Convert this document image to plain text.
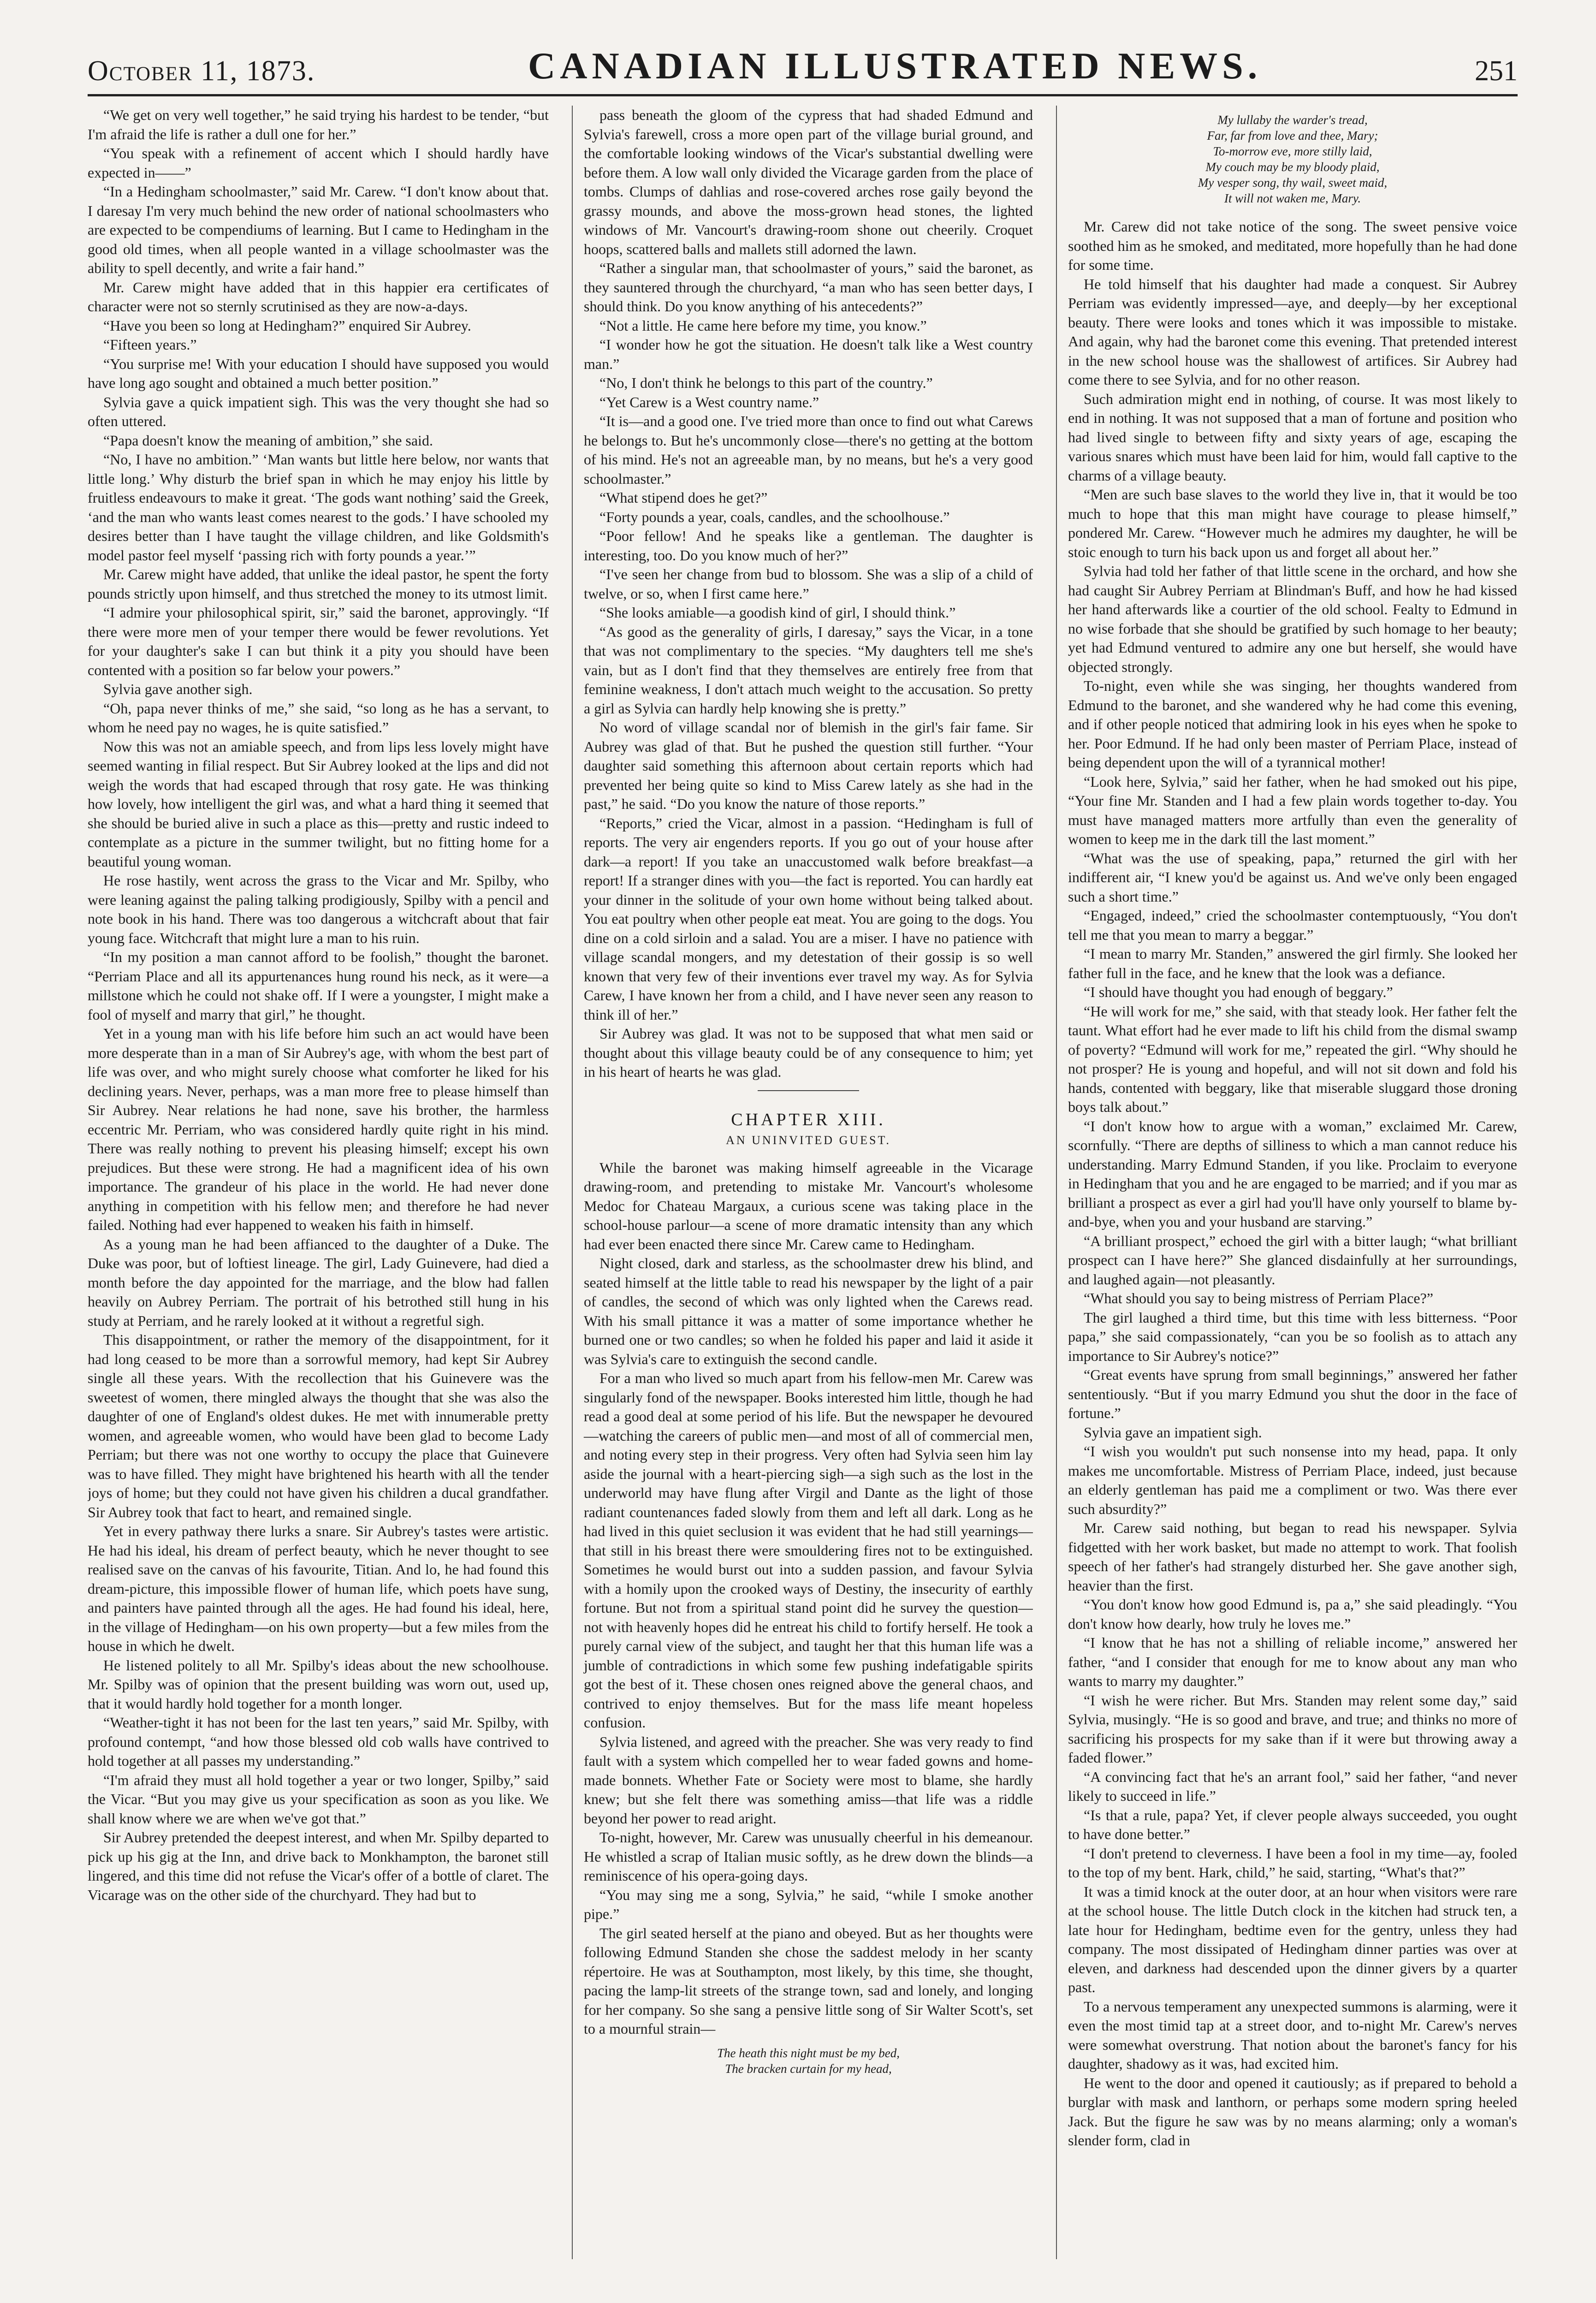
October 11, 1873.	CANADIAN ILLUSTRATED NEWS.	251

“We get on very well together,” he said trying his hardest to be tender, “but I'm afraid the life is rather a dull one for her.”

“You speak with a refinement of accent which I should hardly have expected in——”

“In a Hedingham schoolmaster,” said Mr. Carew. “I don't know about that. I daresay I'm very much behind the new order of national schoolmasters who are expected to be compendiums of learning. But I came to Hedingham in the good old times, when all people wanted in a village schoolmaster was the ability to spell decently, and write a fair hand.”

Mr. Carew might have added that in this happier era certificates of character were not so sternly scrutinised as they are now-a-days.

“Have you been so long at Hedingham?” enquired Sir Aubrey.

“Fifteen years.”

“You surprise me! With your education I should have supposed you would have long ago sought and obtained a much better position.”

Sylvia gave a quick impatient sigh. This was the very thought she had so often uttered.

“Papa doesn't know the meaning of ambition,” she said.

“No, I have no ambition.” ‘Man wants but little here below, nor wants that little long.’ Why disturb the brief span in which he may enjoy his little by fruitless endeavours to make it great. ‘The gods want nothing’ said the Greek, ‘and the man who wants least comes nearest to the gods.’ I have schooled my desires better than I have taught the village children, and like Goldsmith's model pastor feel myself ‘passing rich with forty pounds a year.’”

Mr. Carew might have added, that unlike the ideal pastor, he spent the forty pounds strictly upon himself, and thus stretched the money to its utmost limit.

“I admire your philosophical spirit, sir,” said the baronet, approvingly. “If there were more men of your temper there would be fewer revolutions. Yet for your daughter's sake I can but think it a pity you should have been contented with a position so far below your powers.”

Sylvia gave another sigh.

“Oh, papa never thinks of me,” she said, “so long as he has a servant, to whom he need pay no wages, he is quite satisfied.”

Now this was not an amiable speech, and from lips less lovely might have seemed wanting in filial respect. But Sir Aubrey looked at the lips and did not weigh the words that had escaped through that rosy gate. He was thinking how lovely, how intelligent the girl was, and what a hard thing it seemed that she should be buried alive in such a place as this—pretty and rustic indeed to contemplate as a picture in the summer twilight, but no fitting home for a beautiful young woman.

He rose hastily, went across the grass to the Vicar and Mr. Spilby, who were leaning against the paling talking prodigiously, Spilby with a pencil and note book in his hand. There was too dangerous a witchcraft about that fair young face. Witchcraft that might lure a man to his ruin.

“In my position a man cannot afford to be foolish,” thought the baronet. “Perriam Place and all its appurtenances hung round his neck, as it were—a millstone which he could not shake off. If I were a youngster, I might make a fool of myself and marry that girl,” he thought.

Yet in a young man with his life before him such an act would have been more desperate than in a man of Sir Aubrey's age, with whom the best part of life was over, and who might surely choose what comforter he liked for his declining years. Never, perhaps, was a man more free to please himself than Sir Aubrey. Near relations he had none, save his brother, the harmless eccentric Mr. Perriam, who was considered hardly quite right in his mind. There was really nothing to prevent his pleasing himself; except his own prejudices. But these were strong. He had a magnificent idea of his own importance. The grandeur of his place in the world. He had never done anything in competition with his fellow men; and therefore he had never failed. Nothing had ever happened to weaken his faith in himself.

As a young man he had been affianced to the daughter of a Duke. The Duke was poor, but of loftiest lineage. The girl, Lady Guinevere, had died a month before the day appointed for the marriage, and the blow had fallen heavily on Aubrey Perriam. The portrait of his betrothed still hung in his study at Perriam, and he rarely looked at it without a regretful sigh.

This disappointment, or rather the memory of the disappointment, for it had long ceased to be more than a sorrowful memory, had kept Sir Aubrey single all these years. With the recollection that his Guinevere was the sweetest of women, there mingled always the thought that she was also the daughter of one of England's oldest dukes. He met with innumerable pretty women, and agreeable women, who would have been glad to become Lady Perriam; but there was not one worthy to occupy the place that Guinevere was to have filled. They might have brightened his hearth with all the tender joys of home; but they could not have given his children a ducal grandfather. Sir Aubrey took that fact to heart, and remained single.

Yet in every pathway there lurks a snare. Sir Aubrey's tastes were artistic. He had his ideal, his dream of perfect beauty, which he never thought to see realised save on the canvas of his favourite, Titian. And lo, he had found this dream-picture, this impossible flower of human life, which poets have sung, and painters have painted through all the ages. He had found his ideal, here, in the village of Hedingham—on his own property—but a few miles from the house in which he dwelt.

He listened politely to all Mr. Spilby's ideas about the new schoolhouse. Mr. Spilby was of opinion that the present building was worn out, used up, that it would hardly hold together for a month longer.

“Weather-tight it has not been for the last ten years,” said Mr. Spilby, with profound contempt, “and how those blessed old cob walls have contrived to hold together at all passes my understanding.”

“I'm afraid they must all hold together a year or two longer, Spilby,” said the Vicar. “But you may give us your specification as soon as you like. We shall know where we are when we've got that.”

Sir Aubrey pretended the deepest interest, and when Mr. Spilby departed to pick up his gig at the Inn, and drive back to Monkhampton, the baronet still lingered, and this time did not refuse the Vicar's offer of a bottle of claret. The Vicarage was on the other side of the churchyard. They had but to

pass beneath the gloom of the cypress that had shaded Edmund and Sylvia's farewell, cross a more open part of the village burial ground, and the comfortable looking windows of the Vicar's substantial dwelling were before them. A low wall only divided the Vicarage garden from the place of tombs. Clumps of dahlias and rose-covered arches rose gaily beyond the grassy mounds, and above the moss-grown head stones, the lighted windows of Mr. Vancourt's drawing-room shone out cheerily. Croquet hoops, scattered balls and mallets still adorned the lawn.

“Rather a singular man, that schoolmaster of yours,” said the baronet, as they sauntered through the churchyard, “a man who has seen better days, I should think. Do you know anything of his antecedents?”

“Not a little. He came here before my time, you know.”

“I wonder how he got the situation. He doesn't talk like a West country man.”

“No, I don't think he belongs to this part of the country.”

“Yet Carew is a West country name.”

“It is—and a good one. I've tried more than once to find out what Carews he belongs to. But he's uncommonly close—there's no getting at the bottom of his mind. He's not an agreeable man, by no means, but he's a very good schoolmaster.”

“What stipend does he get?”

“Forty pounds a year, coals, candles, and the schoolhouse.”

“Poor fellow! And he speaks like a gentleman. The daughter is interesting, too. Do you know much of her?”

“I've seen her change from bud to blossom. She was a slip of a child of twelve, or so, when I first came here.”

“She looks amiable—a goodish kind of girl, I should think.”

“As good as the generality of girls, I daresay,” says the Vicar, in a tone that was not complimentary to the species. “My daughters tell me she's vain, but as I don't find that they themselves are entirely free from that feminine weakness, I don't attach much weight to the accusation. So pretty a girl as Sylvia can hardly help knowing she is pretty.”

No word of village scandal nor of blemish in the girl's fair fame. Sir Aubrey was glad of that. But he pushed the question still further. “Your daughter said something this afternoon about certain reports which had prevented her being quite so kind to Miss Carew lately as she had in the past,” he said. “Do you know the nature of those reports.”

“Reports,” cried the Vicar, almost in a passion. “Hedingham is full of reports. The very air engenders reports. If you go out of your house after dark—a report! If you take an unaccustomed walk before breakfast—a report! If a stranger dines with you—the fact is reported. You can hardly eat your dinner in the solitude of your own home without being talked about. You eat poultry when other people eat meat. You are going to the dogs. You dine on a cold sirloin and a salad. You are a miser. I have no patience with village scandal mongers, and my detestation of their gossip is so well known that very few of their inventions ever travel my way. As for Sylvia Carew, I have known her from a child, and I have never seen any reason to think ill of her.”

Sir Aubrey was glad. It was not to be supposed that what men said or thought about this village beauty could be of any consequence to him; yet in his heart of hearts he was glad.

CHAPTER XIII.
AN UNINVITED GUEST.

While the baronet was making himself agreeable in the Vicarage drawing-room, and pretending to mistake Mr. Vancourt's wholesome Medoc for Chateau Margaux, a curious scene was taking place in the school-house parlour—a scene of more dramatic intensity than any which had ever been enacted there since Mr. Carew came to Hedingham.

Night closed, dark and starless, as the schoolmaster drew his blind, and seated himself at the little table to read his newspaper by the light of a pair of candles, the second of which was only lighted when the Carews read. With his small pittance it was a matter of some importance whether he burned one or two candles; so when he folded his paper and laid it aside it was Sylvia's care to extinguish the second candle.

For a man who lived so much apart from his fellow-men Mr. Carew was singularly fond of the newspaper. Books interested him little, though he had read a good deal at some period of his life. But the newspaper he devoured—watching the careers of public men—and most of all of commercial men, and noting every step in their progress. Very often had Sylvia seen him lay aside the journal with a heart-piercing sigh—a sigh such as the lost in the underworld may have flung after Virgil and Dante as the light of those radiant countenances faded slowly from them and left all dark. Long as he had lived in this quiet seclusion it was evident that he had still yearnings—that still in his breast there were smouldering fires not to be extinguished. Sometimes he would burst out into a sudden passion, and favour Sylvia with a homily upon the crooked ways of Destiny, the insecurity of earthly fortune. But not from a spiritual stand point did he survey the question—not with heavenly hopes did he entreat his child to fortify herself. He took a purely carnal view of the subject, and taught her that this human life was a jumble of contradictions in which some few pushing indefatigable spirits got the best of it. These chosen ones reigned above the general chaos, and contrived to enjoy themselves. But for the mass life meant hopeless confusion.

Sylvia listened, and agreed with the preacher. She was very ready to find fault with a system which compelled her to wear faded gowns and home-made bonnets. Whether Fate or Society were most to blame, she hardly knew; but she felt there was something amiss—that life was a riddle beyond her power to read aright.

To-night, however, Mr. Carew was unusually cheerful in his demeanour. He whistled a scrap of Italian music softly, as he drew down the blinds—a reminiscence of his opera-going days.

“You may sing me a song, Sylvia,” he said, “while I smoke another pipe.”

The girl seated herself at the piano and obeyed. But as her thoughts were following Edmund Standen she chose the saddest melody in her scanty répertoire. He was at Southampton, most likely, by this time, she thought, pacing the lamp-lit streets of the strange town, sad and lonely, and longing for her company. So she sang a pensive little song of Sir Walter Scott's, set to a mournful strain—

The heath this night must be my bed,
The bracken curtain for my head,
My lullaby the warder's tread,
Far, far from love and thee, Mary;
To-morrow eve, more stilly laid,
My couch may be my bloody plaid,
My vesper song, thy wail, sweet maid,
It will not waken me, Mary.

Mr. Carew did not take notice of the song. The sweet pensive voice soothed him as he smoked, and meditated, more hopefully than he had done for some time.

He told himself that his daughter had made a conquest. Sir Aubrey Perriam was evidently impressed—aye, and deeply—by her exceptional beauty. There were looks and tones which it was impossible to mistake. And again, why had the baronet come this evening. That pretended interest in the new school house was the shallowest of artifices. Sir Aubrey had come there to see Sylvia, and for no other reason.

Such admiration might end in nothing, of course. It was most likely to end in nothing. It was not supposed that a man of fortune and position who had lived single to between fifty and sixty years of age, escaping the various snares which must have been laid for him, would fall captive to the charms of a village beauty.

“Men are such base slaves to the world they live in, that it would be too much to hope that this man might have courage to please himself,” pondered Mr. Carew. “However much he admires my daughter, he will be stoic enough to turn his back upon us and forget all about her.”

Sylvia had told her father of that little scene in the orchard, and how she had caught Sir Aubrey Perriam at Blindman's Buff, and how he had kissed her hand afterwards like a courtier of the old school. Fealty to Edmund in no wise forbade that she should be gratified by such homage to her beauty; yet had Edmund ventured to admire any one but herself, she would have objected strongly.

To-night, even while she was singing, her thoughts wandered from Edmund to the baronet, and she wandered why he had come this evening, and if other people noticed that admiring look in his eyes when he spoke to her. Poor Edmund. If he had only been master of Perriam Place, instead of being dependent upon the will of a tyrannical mother!

“Look here, Sylvia,” said her father, when he had smoked out his pipe, “Your fine Mr. Standen and I had a few plain words together to-day. You must have managed matters more artfully than even the generality of women to keep me in the dark till the last moment.”

“What was the use of speaking, papa,” returned the girl with her indifferent air, “I knew you'd be against us. And we've only been engaged such a short time.”

“Engaged, indeed,” cried the schoolmaster contemptuously, “You don't tell me that you mean to marry a beggar.”

“I mean to marry Mr. Standen,” answered the girl firmly. She looked her father full in the face, and he knew that the look was a defiance.

“I should have thought you had enough of beggary.”

“He will work for me,” she said, with that steady look. Her father felt the taunt. What effort had he ever made to lift his child from the dismal swamp of poverty? “Edmund will work for me,” repeated the girl. “Why should he not prosper? He is young and hopeful, and will not sit down and fold his hands, contented with beggary, like that miserable sluggard those droning boys talk about.”

“I don't know how to argue with a woman,” exclaimed Mr. Carew, scornfully. “There are depths of silliness to which a man cannot reduce his understanding. Marry Edmund Standen, if you like. Proclaim to everyone in Hedingham that you and he are engaged to be married; and if you mar as brilliant a prospect as ever a girl had you'll have only yourself to blame by-and-bye, when you and your husband are starving.”

“A brilliant prospect,” echoed the girl with a bitter laugh; “what brilliant prospect can I have here?” She glanced disdainfully at her surroundings, and laughed again—not pleasantly.

“What should you say to being mistress of Perriam Place?”

The girl laughed a third time, but this time with less bitterness. “Poor papa,” she said compassionately, “can you be so foolish as to attach any importance to Sir Aubrey's notice?”

“Great events have sprung from small beginnings,” answered her father sententiously. “But if you marry Edmund you shut the door in the face of fortune.”

Sylvia gave an impatient sigh.

“I wish you wouldn't put such nonsense into my head, papa. It only makes me uncomfortable. Mistress of Perriam Place, indeed, just because an elderly gentleman has paid me a compliment or two. Was there ever such absurdity?”

Mr. Carew said nothing, but began to read his newspaper. Sylvia fidgetted with her work basket, but made no attempt to work. That foolish speech of her father's had strangely disturbed her. She gave another sigh, heavier than the first.

“You don't know how good Edmund is, pa a,” she said pleadingly. “You don't know how dearly, how truly he loves me.”

“I know that he has not a shilling of reliable income,” answered her father, “and I consider that enough for me to know about any man who wants to marry my daughter.”

“I wish he were richer. But Mrs. Standen may relent some day,” said Sylvia, musingly. “He is so good and brave, and true; and thinks no more of sacrificing his prospects for my sake than if it were but throwing away a faded flower.”

“A convincing fact that he's an arrant fool,” said her father, “and never likely to succeed in life.”

“Is that a rule, papa? Yet, if clever people always succeeded, you ought to have done better.”

“I don't pretend to cleverness. I have been a fool in my time—ay, fooled to the top of my bent. Hark, child,” he said, starting, “What's that?”

It was a timid knock at the outer door, at an hour when visitors were rare at the school house. The little Dutch clock in the kitchen had struck ten, a late hour for Hedingham, bedtime even for the gentry, unless they had company. The most dissipated of Hedingham dinner parties was over at eleven, and darkness had descended upon the dinner givers by a quarter past.

To a nervous temperament any unexpected summons is alarming, were it even the most timid tap at a street door, and to-night Mr. Carew's nerves were somewhat overstrung. That notion about the baronet's fancy for his daughter, shadowy as it was, had excited him.

He went to the door and opened it cautiously; as if prepared to behold a burglar with mask and lanthorn, or perhaps some modern spring heeled Jack. But the figure he saw was by no means alarming; only a woman's slender form, clad in
